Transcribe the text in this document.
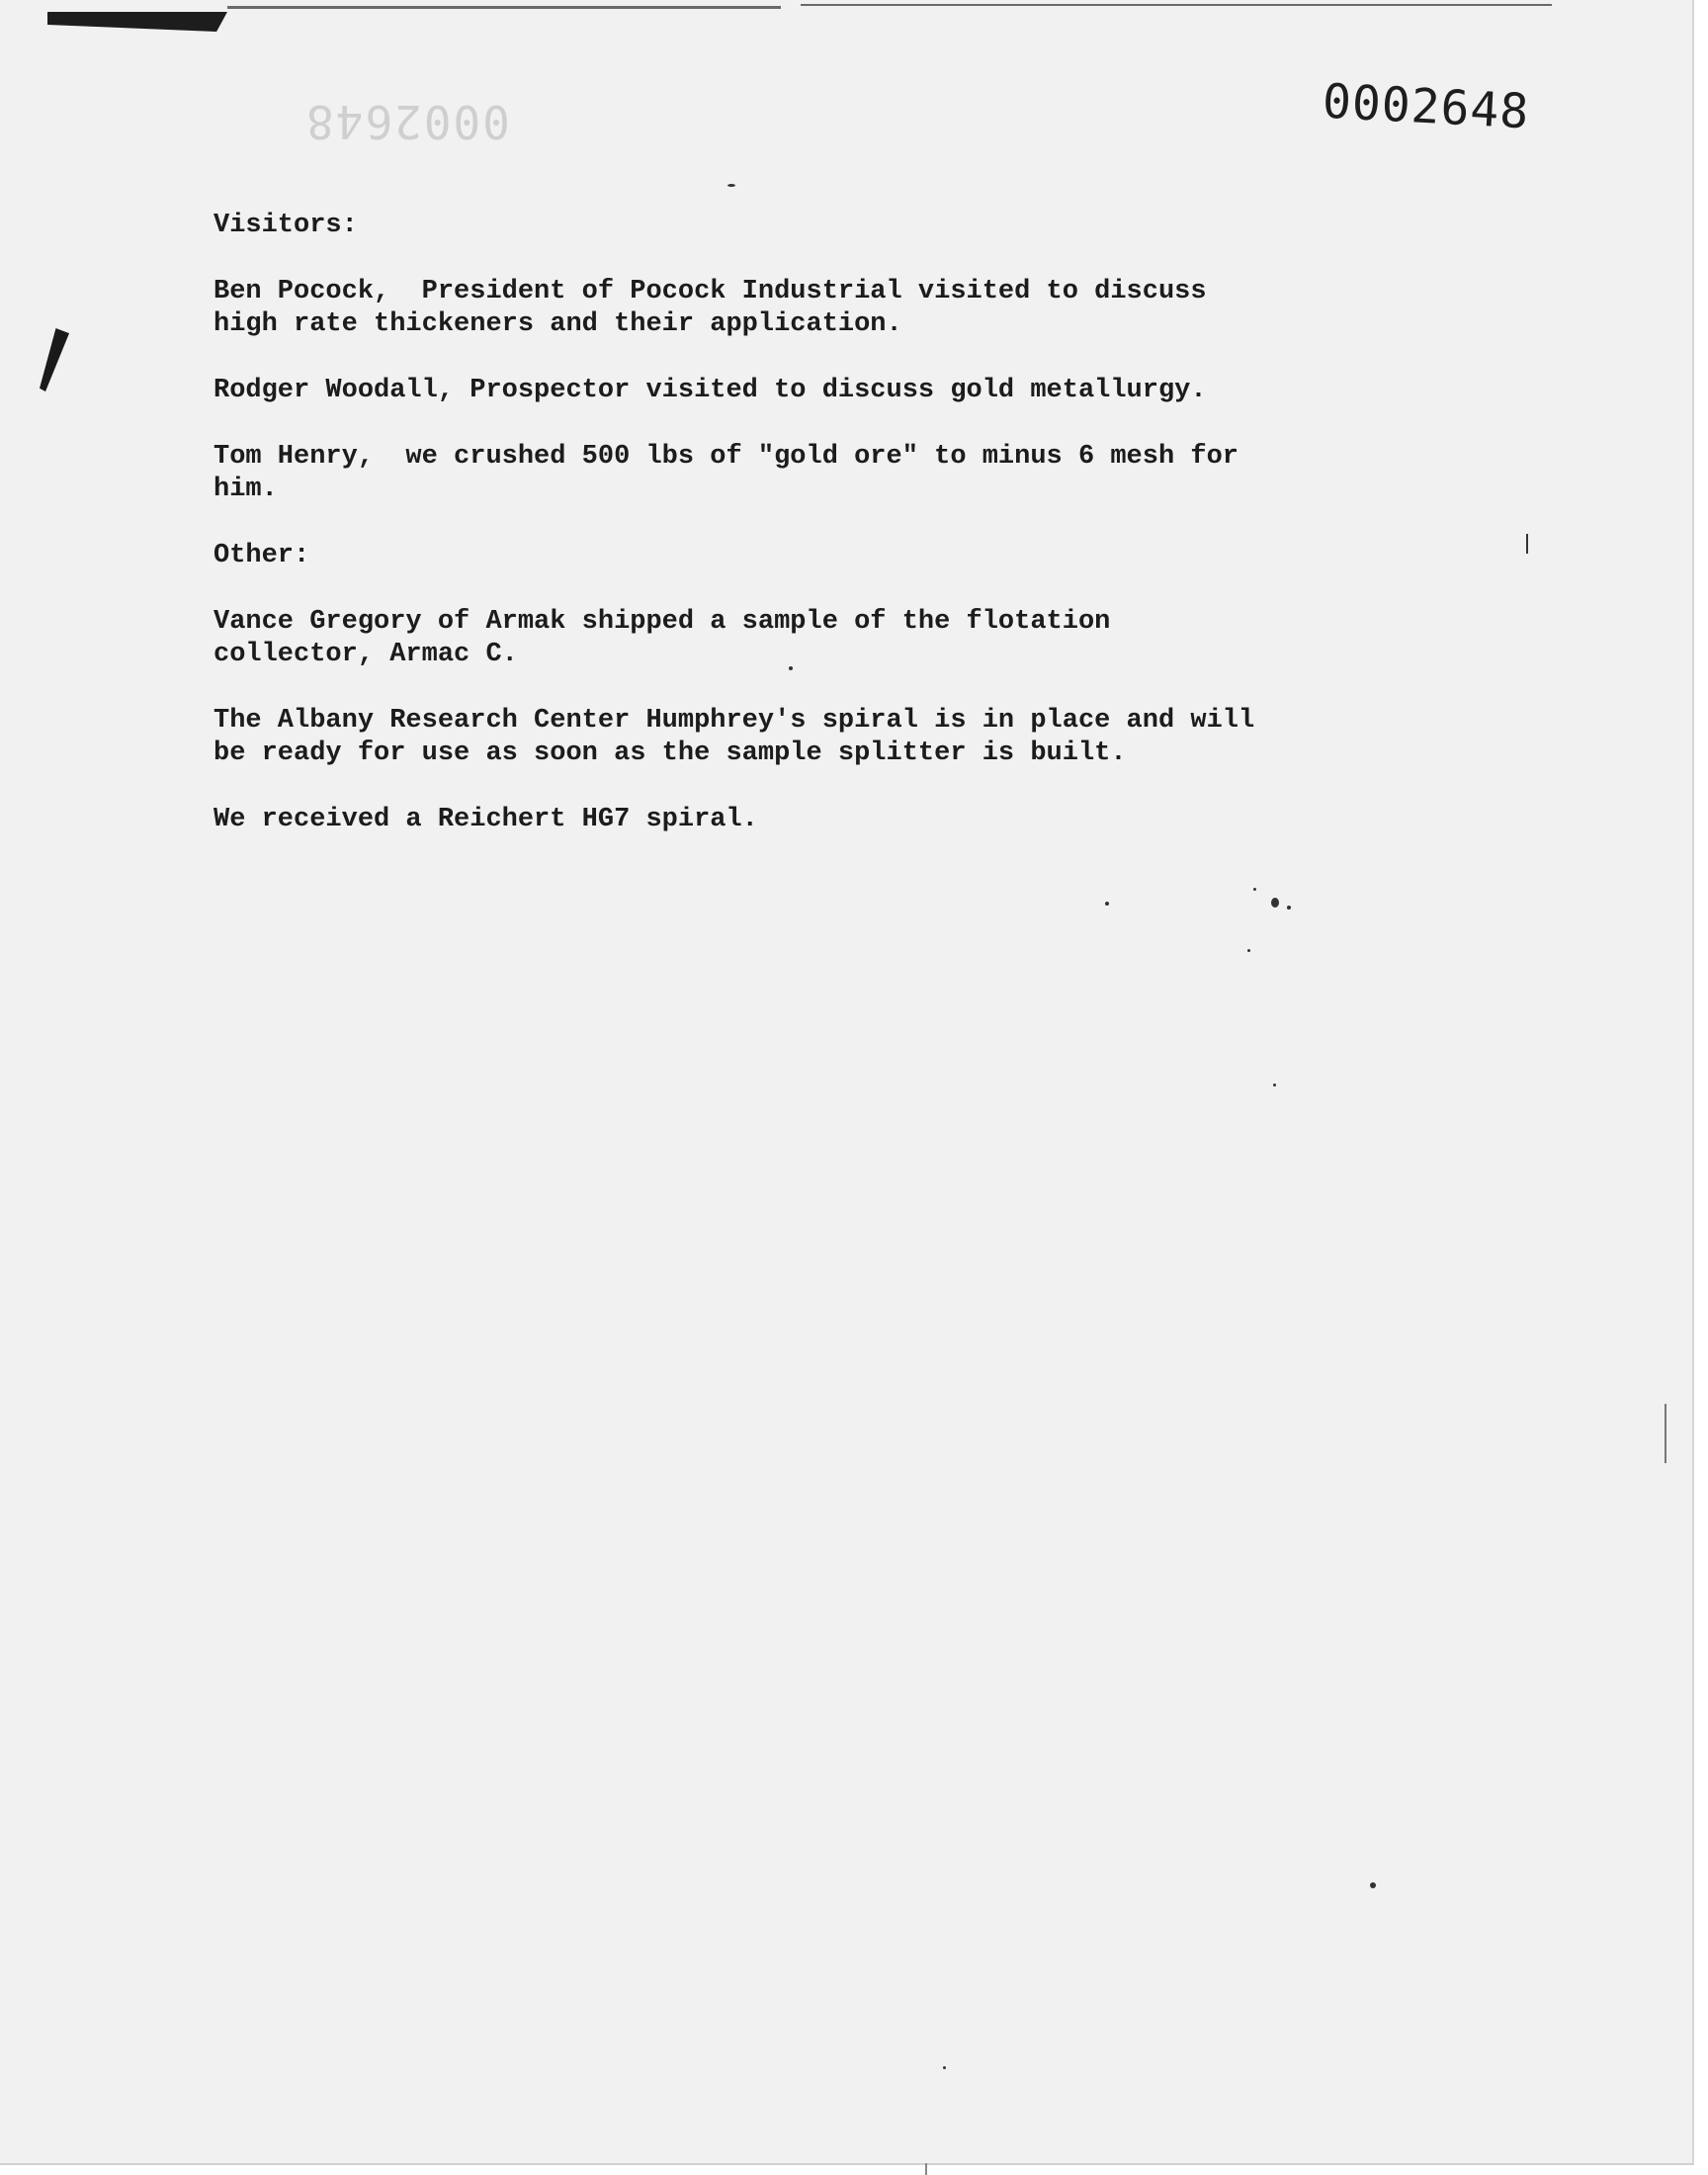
0002648	0002648

Visitors:

Ben Pocock,  President of Pocock Industrial visited to discuss
high rate thickeners and their application.

Rodger Woodall, Prospector visited to discuss gold metallurgy.

Tom Henry,  we crushed 500 lbs of "gold ore" to minus 6 mesh for
him.

Other:

Vance Gregory of Armak shipped a sample of the flotation
collector, Armac C.

The Albany Research Center Humphrey's spiral is in place and will
be ready for use as soon as the sample splitter is built.

We received a Reichert HG7 spiral.
